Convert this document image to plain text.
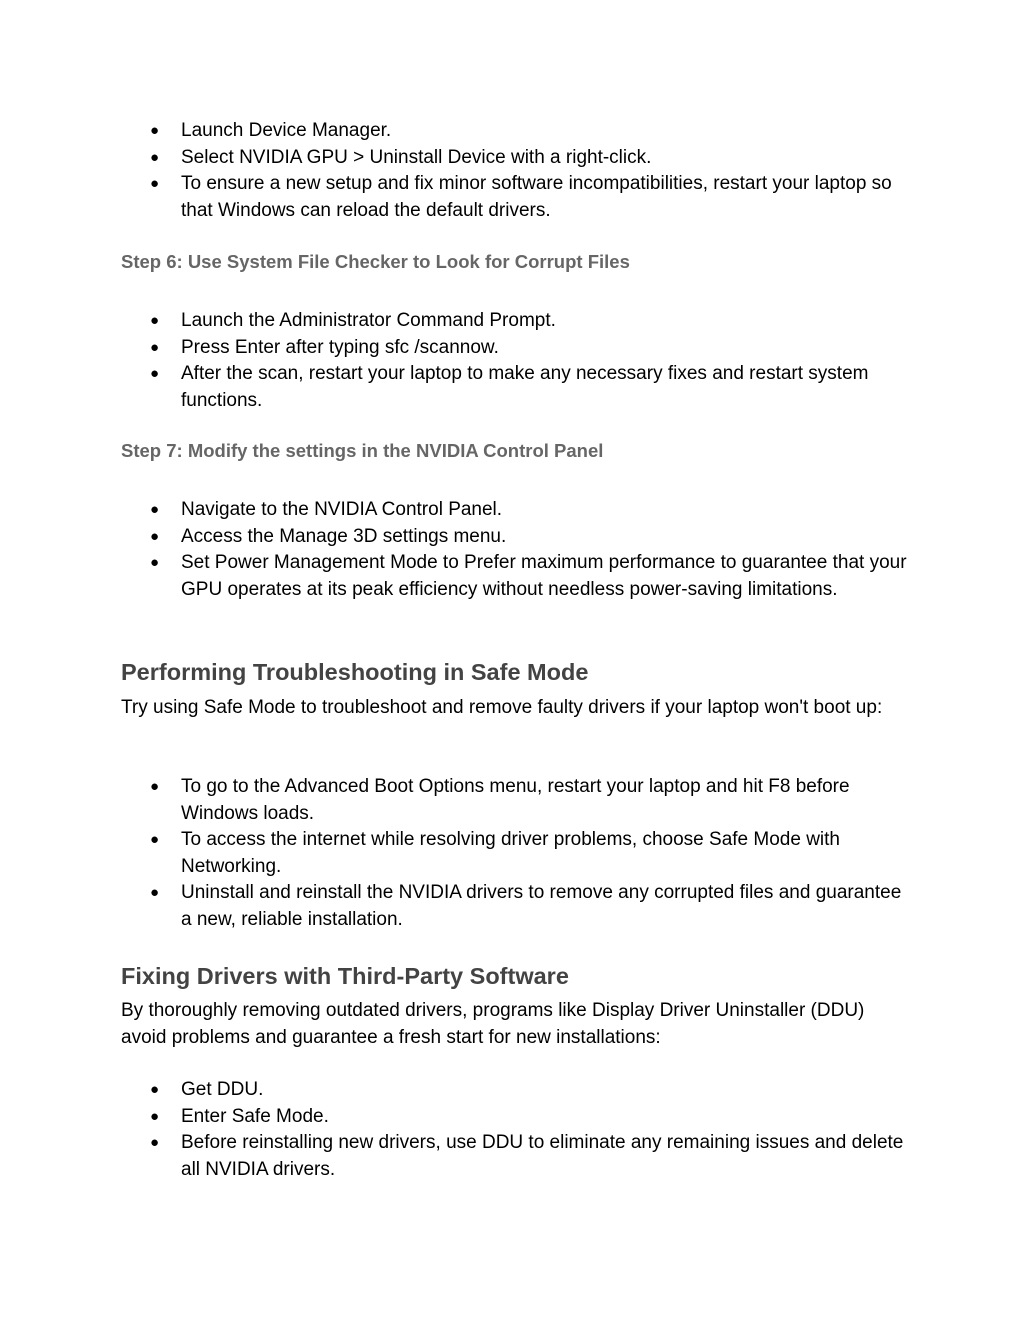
● Launch Device Manager.
● Select NVIDIA GPU > Uninstall Device with a right-click.
● To ensure a new setup and fix minor software incompatibilities, restart your laptop so that Windows can reload the default drivers.

Step 6: Use System File Checker to Look for Corrupt Files

● Launch the Administrator Command Prompt.
● Press Enter after typing sfc /scannow.
● After the scan, restart your laptop to make any necessary fixes and restart system functions.

Step 7: Modify the settings in the NVIDIA Control Panel

● Navigate to the NVIDIA Control Panel.
● Access the Manage 3D settings menu.
● Set Power Management Mode to Prefer maximum performance to guarantee that your GPU operates at its peak efficiency without needless power-saving limitations.
Performing Troubleshooting in Safe Mode

Try using Safe Mode to troubleshoot and remove faulty drivers if your laptop won't boot up:

● To go to the Advanced Boot Options menu, restart your laptop and hit F8 before Windows loads.
● To access the internet while resolving driver problems, choose Safe Mode with Networking.
● Uninstall and reinstall the NVIDIA drivers to remove any corrupted files and guarantee a new, reliable installation.
Fixing Drivers with Third-Party Software

By thoroughly removing outdated drivers, programs like Display Driver Uninstaller (DDU) avoid problems and guarantee a fresh start for new installations:

● Get DDU.
● Enter Safe Mode.
● Before reinstalling new drivers, use DDU to eliminate any remaining issues and delete all NVIDIA drivers.
